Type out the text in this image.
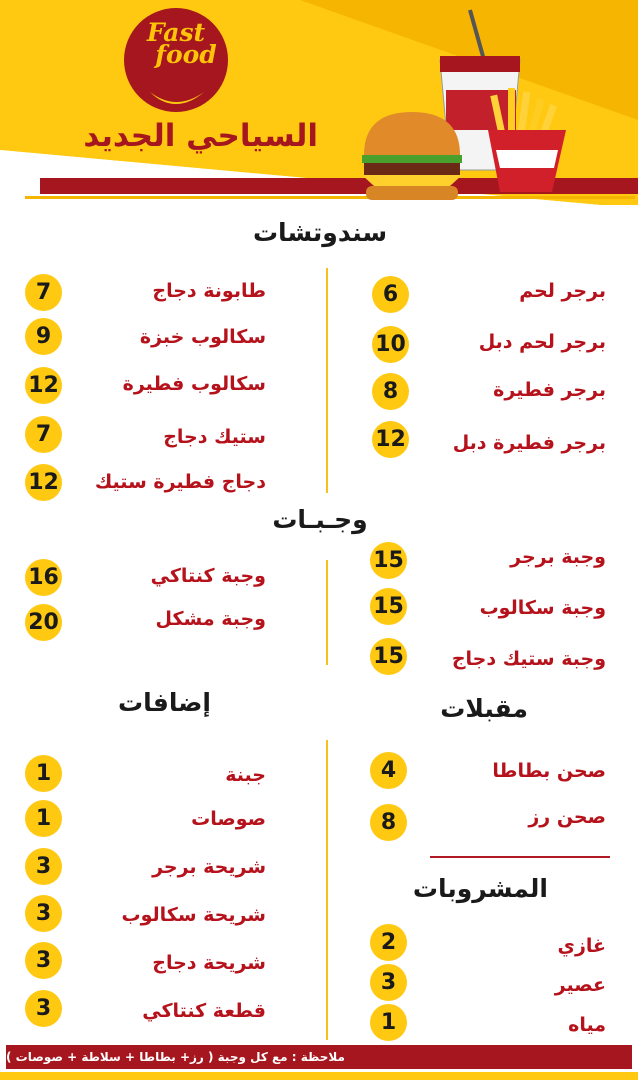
Fast
food
السياحي الجديد
سندوتشات
برجر لحم
6
برجر لحم دبل
10
برجر فطيرة
8
برجر فطيرة دبل
12
طابونة دجاج
7
سكالوب خبزة
9
سكالوب فطيرة
12
ستيك دجاج
7
دجاج فطيرة ستيك
12
وجـبـات
وجبة برجر
15
وجبة سكالوب
15
وجبة ستيك دجاج
15
وجبة كنتاكي
16
وجبة مشكل
20
مقبلات
صحن بطاطا
4
صحن رز
8
المشروبات
غازي
2
عصير
3
مياه
1
إضافات
جبنة
1
صوصات
1
شريحة برجر
3
شريحة سكالوب
3
شريحة دجاج
3
قطعة كنتاكي
3
ملاحظة : مع كل وجبة ( رز+ بطاطا + سلاطة + صوصات )
